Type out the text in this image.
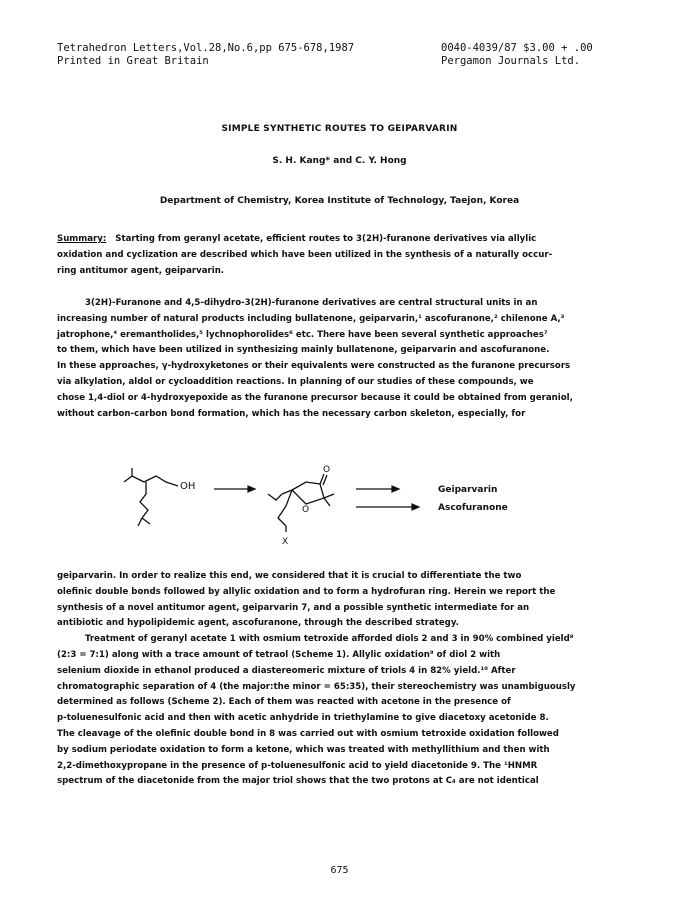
Tetrahedron Letters,Vol.28,No.6,pp 675-678,1987
Printed in Great Britain
0040-4039/87 $3.00 + .00
Pergamon Journals Ltd.
SIMPLE SYNTHETIC ROUTES TO GEIPARVARIN
S. H. Kang* and C. Y. Hong
Department of Chemistry, Korea Institute of Technology, Taejon, Korea
Summary: Starting from geranyl acetate, efficient routes to 3(2H)-furanone derivatives via allylic
oxidation and cyclization are described which have been utilized in the synthesis of a naturally occur-
ring antitumor agent, geiparvarin.
3(2H)-Furanone and 4,5-dihydro-3(2H)-furanone derivatives are central structural units in an
increasing number of natural products including bullatenone, geiparvarin,¹ ascofuranone,² chilenone A,³
jatrophone,⁴ eremantholides,⁵ lychnophorolides⁶ etc. There have been several synthetic approaches⁷
to them, which have been utilized in synthesizing mainly bullatenone, geiparvarin and ascofuranone.
In these approaches, γ-hydroxyketones or their equivalents were constructed as the furanone precursors
via alkylation, aldol or cycloaddition reactions. In planning of our studies of these compounds, we
chose 1,4-diol or 4-hydroxyepoxide as the furanone precursor because it could be obtained from geraniol,
without carbon-carbon bond formation, which has the necessary carbon skeleton, especially, for
OH
O
O
X
Geiparvarin
Ascofuranone
geiparvarin. In order to realize this end, we considered that it is crucial to differentiate the two
olefinic double bonds followed by allylic oxidation and to form a hydrofuran ring. Herein we report the
synthesis of a novel antitumor agent, geiparvarin 7, and a possible synthetic intermediate for an
antibiotic and hypolipidemic agent, ascofuranone, through the described strategy.
Treatment of geranyl acetate 1 with osmium tetroxide afforded diols 2 and 3 in 90% combined yield⁸
(2:3 = 7:1) along with a trace amount of tetraol (Scheme 1). Allylic oxidation⁹ of diol 2 with
selenium dioxide in ethanol produced a diastereomeric mixture of triols 4 in 82% yield.¹⁰ After
chromatographic separation of 4 (the major:the minor = 65:35), their stereochemistry was unambiguously
determined as follows (Scheme 2). Each of them was reacted with acetone in the presence of
p-toluenesulfonic acid and then with acetic anhydride in triethylamine to give diacetoxy acetonide 8.
The cleavage of the olefinic double bond in 8 was carried out with osmium tetroxide oxidation followed
by sodium periodate oxidation to form a ketone, which was treated with methyllithium and then with
2,2-dimethoxypropane in the presence of p-toluenesulfonic acid to yield diacetonide 9. The ¹HNMR
spectrum of the diacetonide from the major triol shows that the two protons at C₄ are not identical
675
